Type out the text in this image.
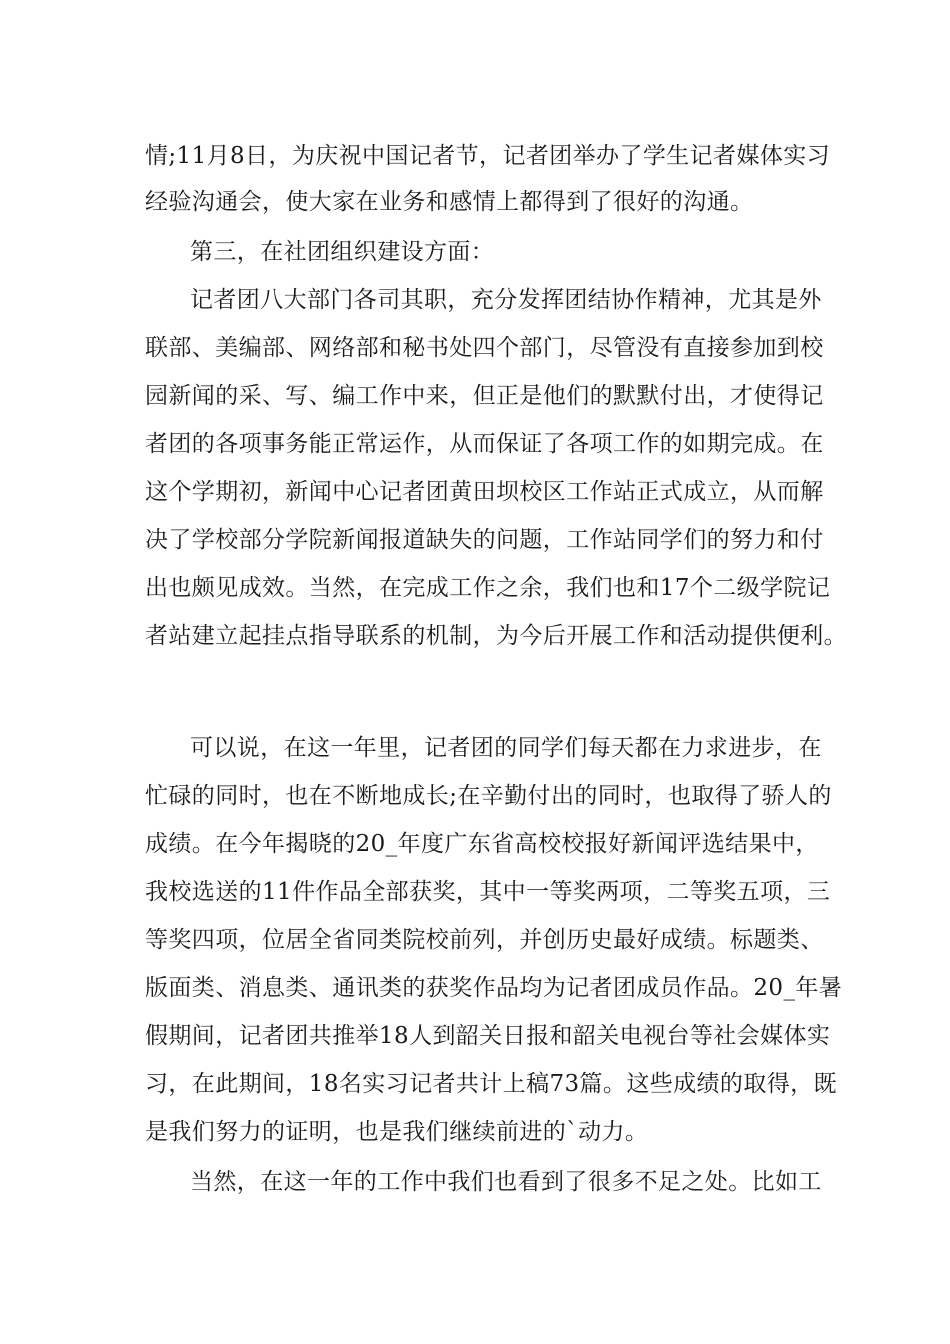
情;11月8日，为庆祝中国记者节，记者团举办了学生记者媒体实习
经验沟通会，使大家在业务和感情上都得到了很好的沟通。
第三，在社团组织建设方面：
记者团八大部门各司其职，充分发挥团结协作精神，尤其是外
联部、美编部、网络部和秘书处四个部门，尽管没有直接参加到校
园新闻的采、写、编工作中来，但正是他们的默默付出，才使得记
者团的各项事务能正常运作，从而保证了各项工作的如期完成。在
这个学期初，新闻中心记者团黄田坝校区工作站正式成立，从而解
决了学校部分学院新闻报道缺失的问题，工作站同学们的努力和付
出也颇见成效。当然，在完成工作之余，我们也和17个二级学院记
者站建立起挂点指导联系的机制，为今后开展工作和活动提供便利。
可以说，在这一年里，记者团的同学们每天都在力求进步，在
忙碌的同时，也在不断地成长;在辛勤付出的同时，也取得了骄人的
成绩。在今年揭晓的20_年度广东省高校校报好新闻评选结果中，
我校选送的11件作品全部获奖，其中一等奖两项，二等奖五项，三
等奖四项，位居全省同类院校前列，并创历史最好成绩。标题类、
版面类、消息类、通讯类的获奖作品均为记者团成员作品。20_年暑
假期间，记者团共推举18人到韶关日报和韶关电视台等社会媒体实
习，在此期间，18名实习记者共计上稿73篇。这些成绩的取得，既
是我们努力的证明，也是我们继续前进的`动力。
当然，在这一年的工作中我们也看到了很多不足之处。比如工
